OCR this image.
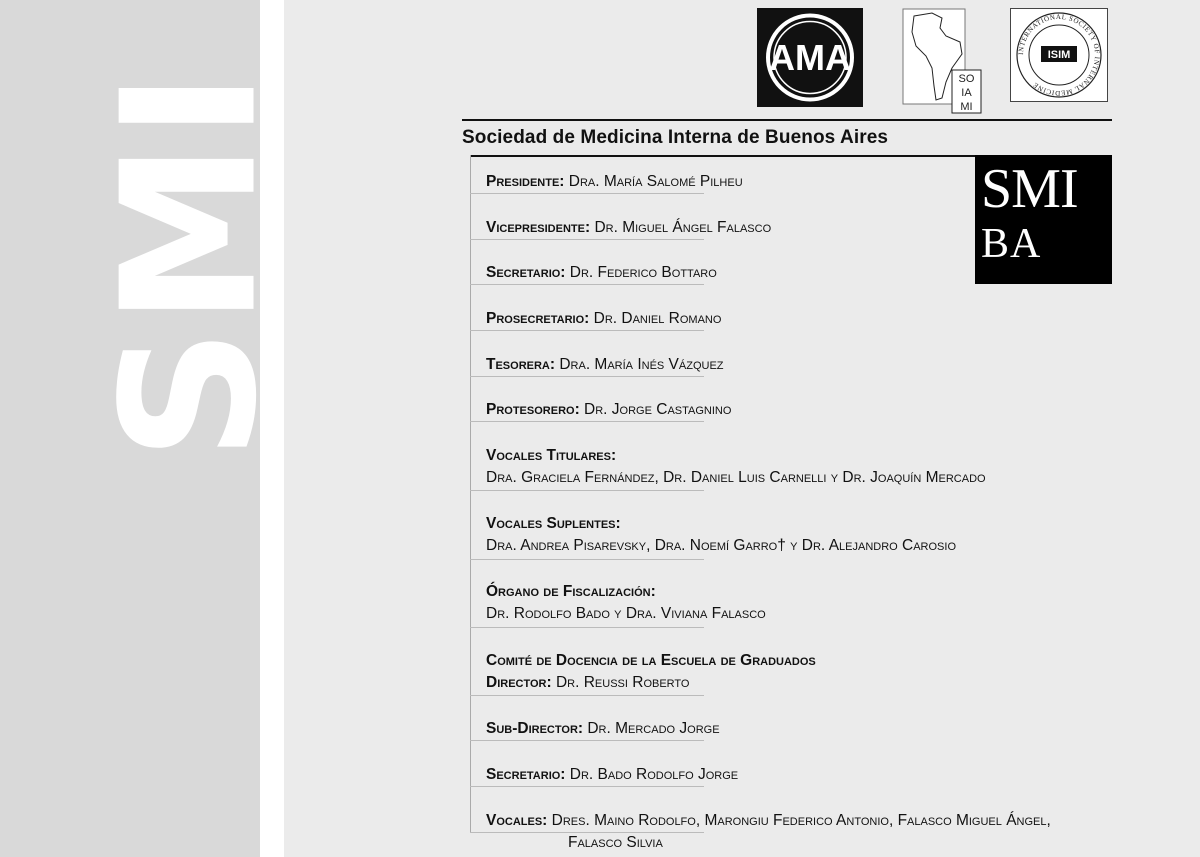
SMI
AMA
SO
IA
MI
INTERNATIONAL SOCIETY OF INTERNAL MEDICINE
ISIM
Sociedad de Medicina Interna de Buenos Aires
SMI
BA
Presidente: Dra. María Salomé Pilheu
Vicepresidente: Dr. Miguel Ángel Falasco
Secretario: Dr. Federico Bottaro
Prosecretario: Dr. Daniel Romano
Tesorera: Dra. María Inés Vázquez
Protesorero: Dr. Jorge Castagnino
Vocales Titulares:
Dra. Graciela Fernández, Dr. Daniel Luis Carnelli y Dr. Joaquín Mercado
Vocales Suplentes:
Dra. Andrea Pisarevsky, Dra. Noemí Garro† y Dr. Alejandro Carosio
Órgano de Fiscalización:
Dr. Rodolfo Bado y Dra. Viviana Falasco
Comité de Docencia de la Escuela de Graduados
Director: Dr. Reussi Roberto
Sub-Director: Dr. Mercado Jorge
Secretario: Dr. Bado Rodolfo Jorge
Vocales: Dres. Maino Rodolfo, Marongiu Federico Antonio, Falasco Miguel Ángel,
Falasco Silvia
